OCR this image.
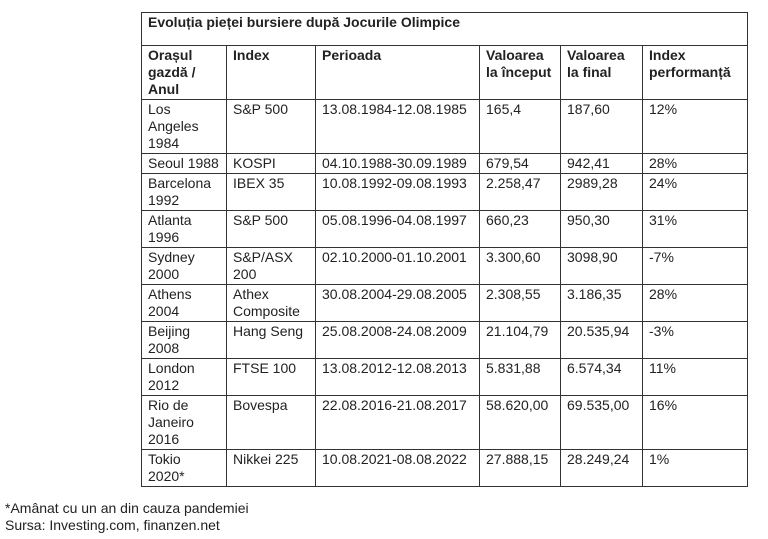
Evoluția pieței bursiere după Jocurile Olimpice					
Orașul gazdă / Anul	Index	Perioada	Valoarea la început	Valoarea la final	Index performanță
Los Angeles 1984	S&P 500	13.08.1984-12.08.1985	165,4	187,60	12%
Seoul 1988	KOSPI	04.10.1988-30.09.1989	679,54	942,41	28%
Barcelona 1992	IBEX 35	10.08.1992-09.08.1993	2.258,47	2989,28	24%
Atlanta 1996	S&P 500	05.08.1996-04.08.1997	660,23	950,30	31%
Sydney 2000	S&P/ASX 200	02.10.2000-01.10.2001	3.300,60	3098,90	-7%
Athens 2004	Athex Composite	30.08.2004-29.08.2005	2.308,55	3.186,35	28%
Beijing 2008	Hang Seng	25.08.2008-24.08.2009	21.104,79	20.535,94	-3%
London 2012	FTSE 100	13.08.2012-12.08.2013	5.831,88	6.574,34	11%
Rio de Janeiro 2016	Bovespa	22.08.2016-21.08.2017	58.620,00	69.535,00	16%
Tokio 2020*	Nikkei 225	10.08.2021-08.08.2022	27.888,15	28.249,24	1%
*Amânat cu un an din cauza pandemiei
Sursa: Investing.com, finanzen.net
